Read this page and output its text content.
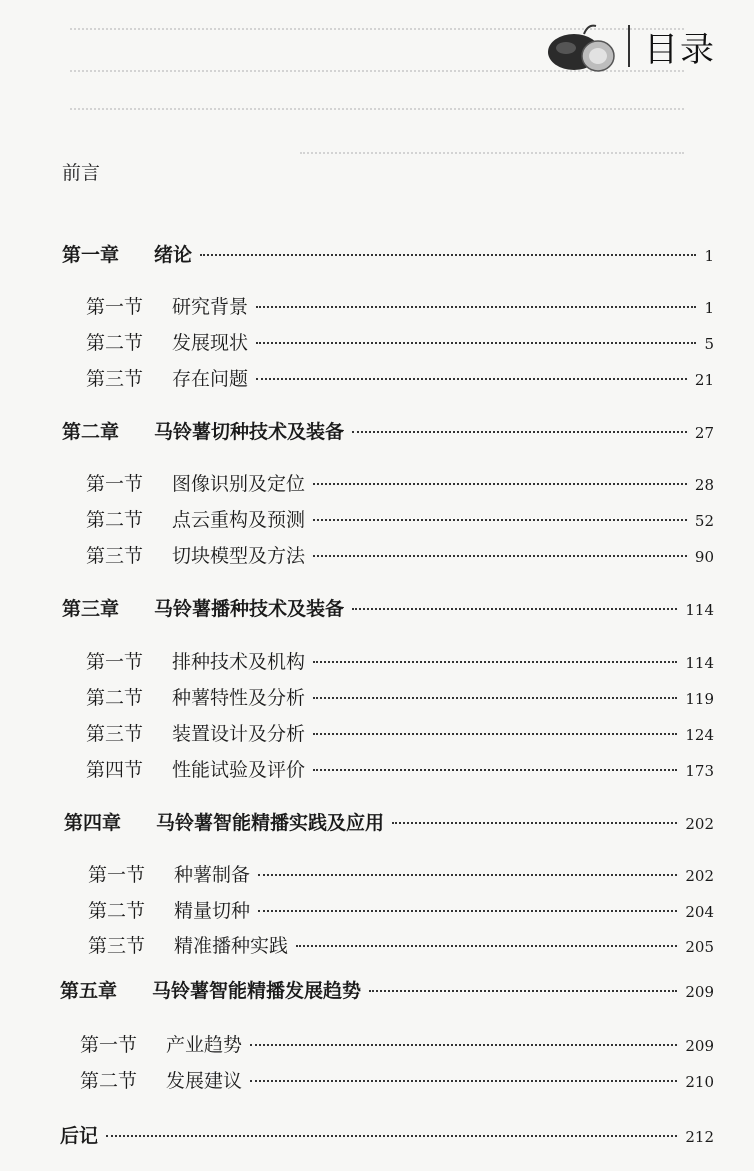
目录
前言
第一章	绪论	1
第一节	研究背景	1
第二节	发展现状	5
第三节	存在问题	21
第二章	马铃薯切种技术及装备	27
第一节	图像识别及定位	28
第二节	点云重构及预测	52
第三节	切块模型及方法	90
第三章	马铃薯播种技术及装备	114
第一节	排种技术及机构	114
第二节	种薯特性及分析	119
第三节	装置设计及分析	124
第四节	性能试验及评价	173
第四章	马铃薯智能精播实践及应用	202
第一节	种薯制备	202
第二节	精量切种	204
第三节	精准播种实践	205
第五章	马铃薯智能精播发展趋势	209
第一节	产业趋势	209
第二节	发展建议	210
后记	212
